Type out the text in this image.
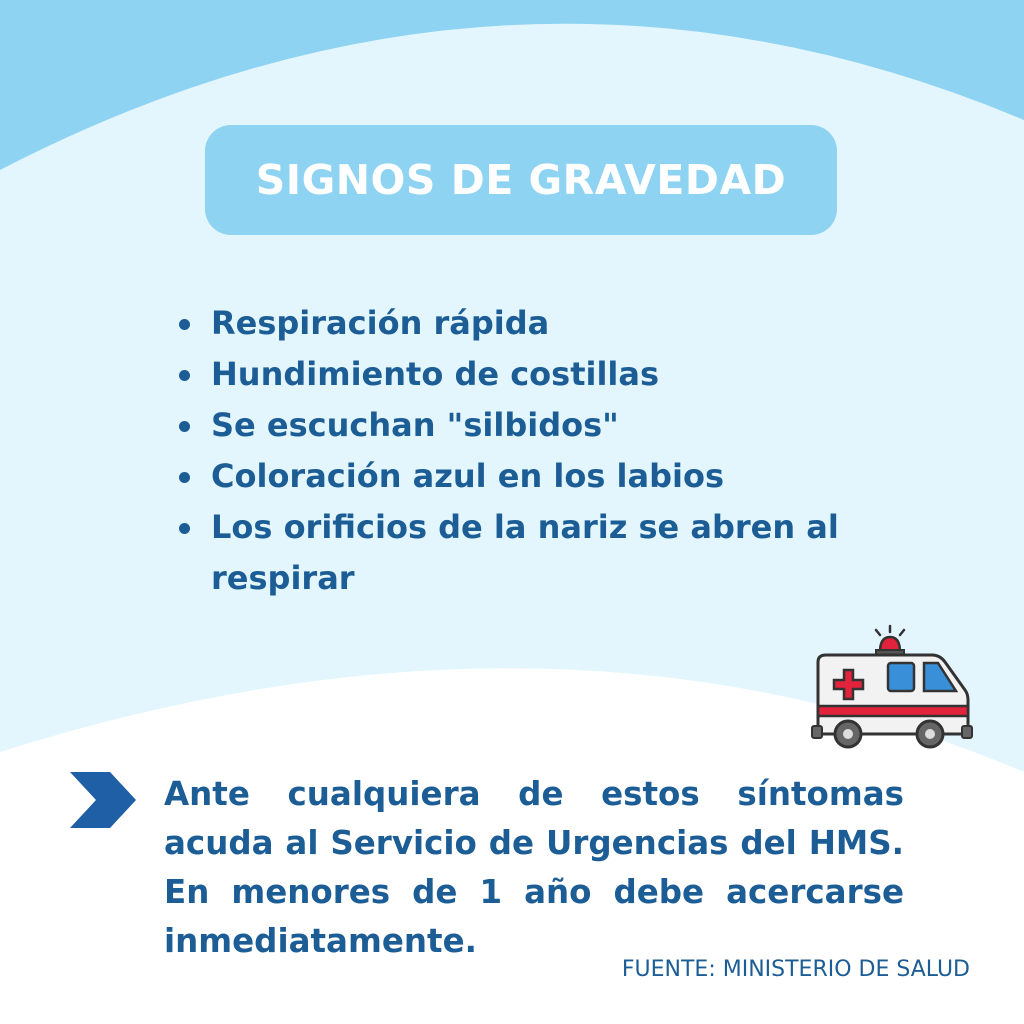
SIGNOS DE GRAVEDAD
Respiración rápida
Hundimiento de costillas
Se escuchan "silbidos"
Coloración azul en los labios
Los orificios de la nariz se abren al respirar

Ante cualquiera de estos síntomas acuda al Servicio de Urgencias del HMS. En menores de 1 año debe acercarse inmediatamente.

FUENTE: MINISTERIO DE SALUD
